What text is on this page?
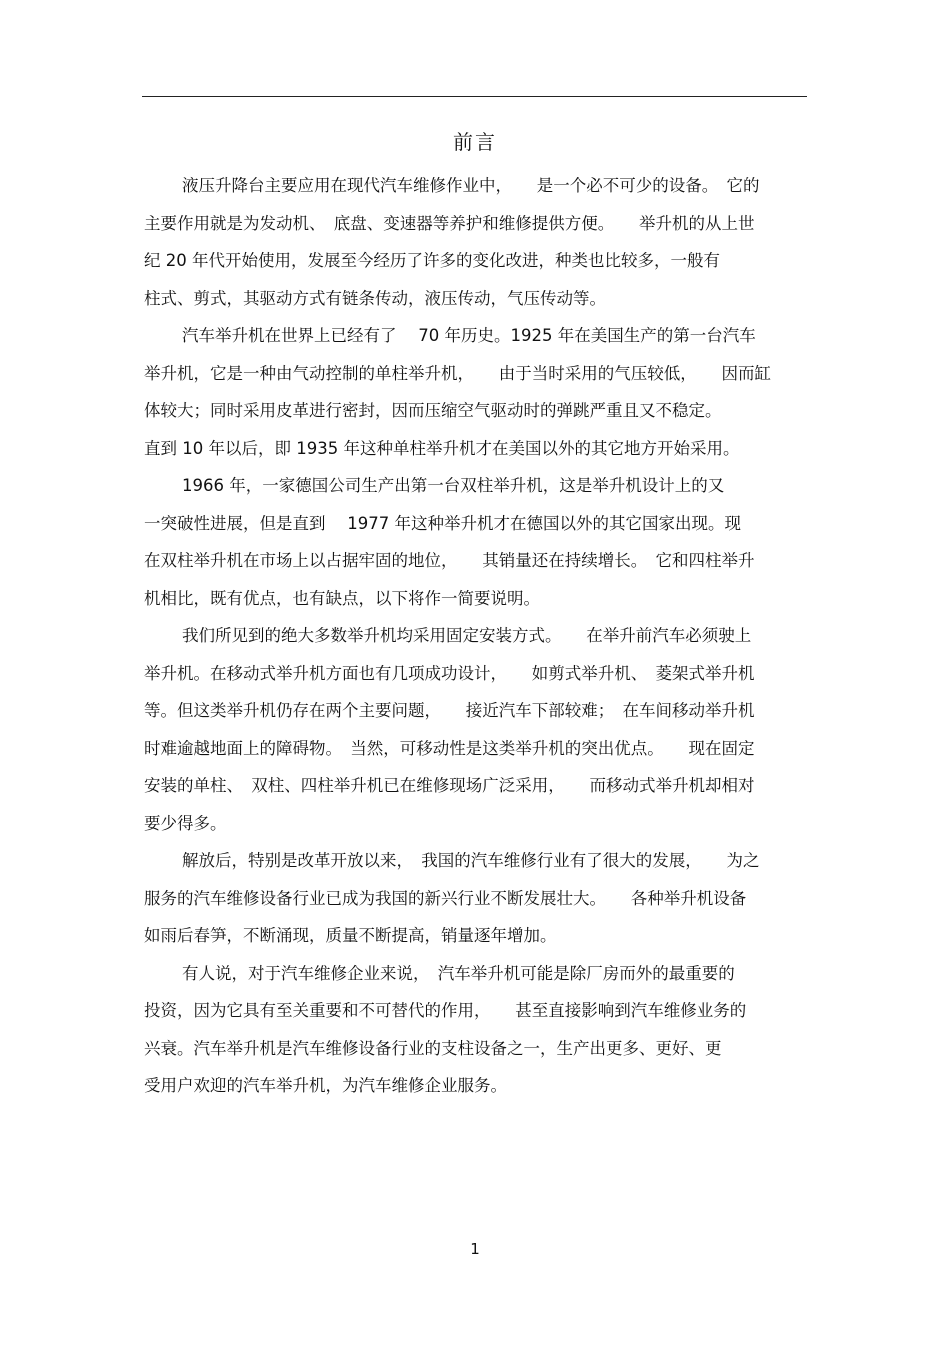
前言
液压升降台主要应用在现代汽车维修作业中，　　是一个必不可少的设备。　它的
主要作用就是为发动机、　底盘、变速器等养护和维修提供方便。　　举升机的从上世
纪 20 年代开始使用，发展至今经历了许多的变化改进，种类也比较多，一般有
柱式、剪式，其驱动方式有链条传动，液压传动，气压传动等。
汽车举升机在世界上已经有了　 70 年历史。1925 年在美国生产的第一台汽车
举升机，它是一种由气动控制的单柱举升机，　　由于当时采用的气压较低，　　因而缸
体较大；同时采用皮革进行密封，因而压缩空气驱动时的弹跳严重且又不稳定。
直到 10 年以后，即 1935 年这种单柱举升机才在美国以外的其它地方开始采用。
1966 年，一家德国公司生产出第一台双柱举升机，这是举升机设计上的又
一突破性进展，但是直到　 1977 年这种举升机才在德国以外的其它国家出现。现
在双柱举升机在市场上以占据牢固的地位，　　其销量还在持续增长。　它和四柱举升
机相比，既有优点，也有缺点，以下将作一简要说明。
我们所见到的绝大多数举升机均采用固定安装方式。　　在举升前汽车必须驶上
举升机。在移动式举升机方面也有几项成功设计，　　如剪式举升机、　菱架式举升机
等。但这类举升机仍存在两个主要问题，　　接近汽车下部较难；　在车间移动举升机
时难逾越地面上的障碍物。　当然，可移动性是这类举升机的突出优点。　　现在固定
安装的单柱、　双柱、四柱举升机已在维修现场广泛采用，　　而移动式举升机却相对
要少得多。
解放后，特别是改革开放以来，　我国的汽车维修行业有了很大的发展，　　为之
服务的汽车维修设备行业已成为我国的新兴行业不断发展壮大。　　各种举升机设备
如雨后春笋，不断涌现，质量不断提高，销量逐年增加。
有人说，对于汽车维修企业来说，　汽车举升机可能是除厂房而外的最重要的
投资，因为它具有至关重要和不可替代的作用，　　甚至直接影响到汽车维修业务的
兴衰。汽车举升机是汽车维修设备行业的支柱设备之一，生产出更多、更好、更
受用户欢迎的汽车举升机，为汽车维修企业服务。
1
